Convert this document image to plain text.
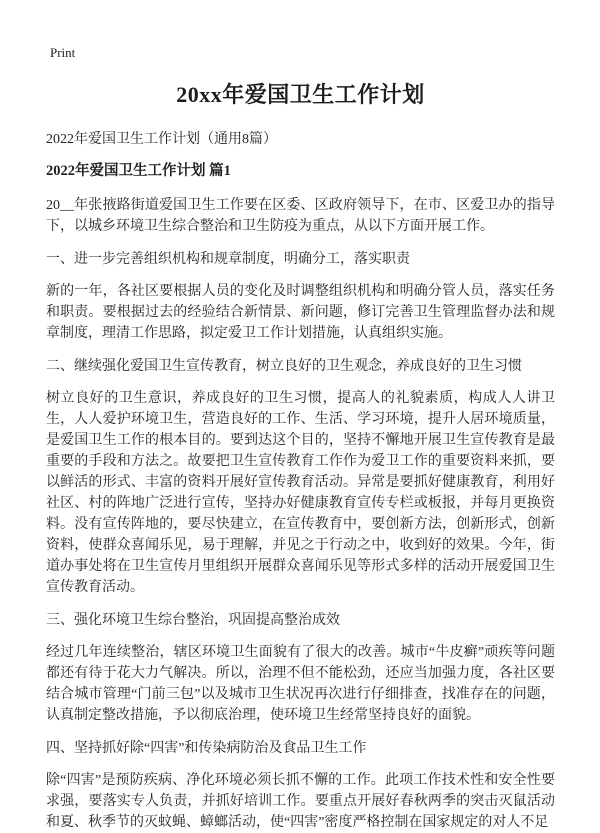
Print
20xx年爱国卫生工作计划

2022年爱国卫生工作计划（通用8篇）

2022年爱国卫生工作计划 篇1

20__年张掖路街道爱国卫生工作要在区委、区政府领导下，在市、区爱卫办的指导下，以城乡环境卫生综合整治和卫生防疫为重点，从以下方面开展工作。

一、进一步完善组织机构和规章制度，明确分工，落实职责

新的一年，各社区要根据人员的变化及时调整组织机构和明确分管人员，落实任务和职责。要根据过去的经验结合新情景、新问题，修订完善卫生管理监督办法和规章制度，理清工作思路，拟定爱卫工作计划措施，认真组织实施。

二、继续强化爱国卫生宣传教育，树立良好的卫生观念，养成良好的卫生习惯

树立良好的卫生意识，养成良好的卫生习惯，提高人的礼貌素质，构成人人讲卫生，人人爱护环境卫生，营造良好的工作、生活、学习环境，提升人居环境质量，是爱国卫生工作的根本目的。要到达这个目的，坚持不懈地开展卫生宣传教育是最重要的手段和方法之。故要把卫生宣传教育工作作为爱卫工作的重要资料来抓，要以鲜活的形式、丰富的资料开展好宣传教育活动。异常是要抓好健康教育，利用好社区、村的阵地广泛进行宣传，坚持办好健康教育宣传专栏或板报，并每月更换资料。没有宣传阵地的，要尽快建立，在宣传教育中，要创新方法，创新形式，创新资料，使群众喜闻乐见，易于理解，并见之于行动之中，收到好的效果。今年，街道办事处将在卫生宣传月里组织开展群众喜闻乐见等形式多样的活动开展爱国卫生宣传教育活动。

三、强化环境卫生综台整治，巩固提高整治成效

经过几年连续整治，辖区环境卫生面貌有了很大的改善。城市“牛皮癣”顽疾等问题都还有待于花大力气解决。所以，治理不但不能松劲，还应当加强力度，各社区要结合城市管理“门前三包”以及城市卫生状况再次进行仔细排查，找准存在的问题，认真制定整改措施，予以彻底治理，使环境卫生经常坚持良好的面貌。

四、坚持抓好除“四害”和传染病防治及食品卫生工作

除“四害”是预防疾病、净化环境必须长抓不懈的工作。此项工作技术性和安全性要求强，要落实专人负责，并抓好培训工作。要重点开展好春秋两季的突击灭鼠活动和夏、秋季节的灭蚊蝇、蟑螂活动，使“四害”密度严格控制在国家规定的对人不足
